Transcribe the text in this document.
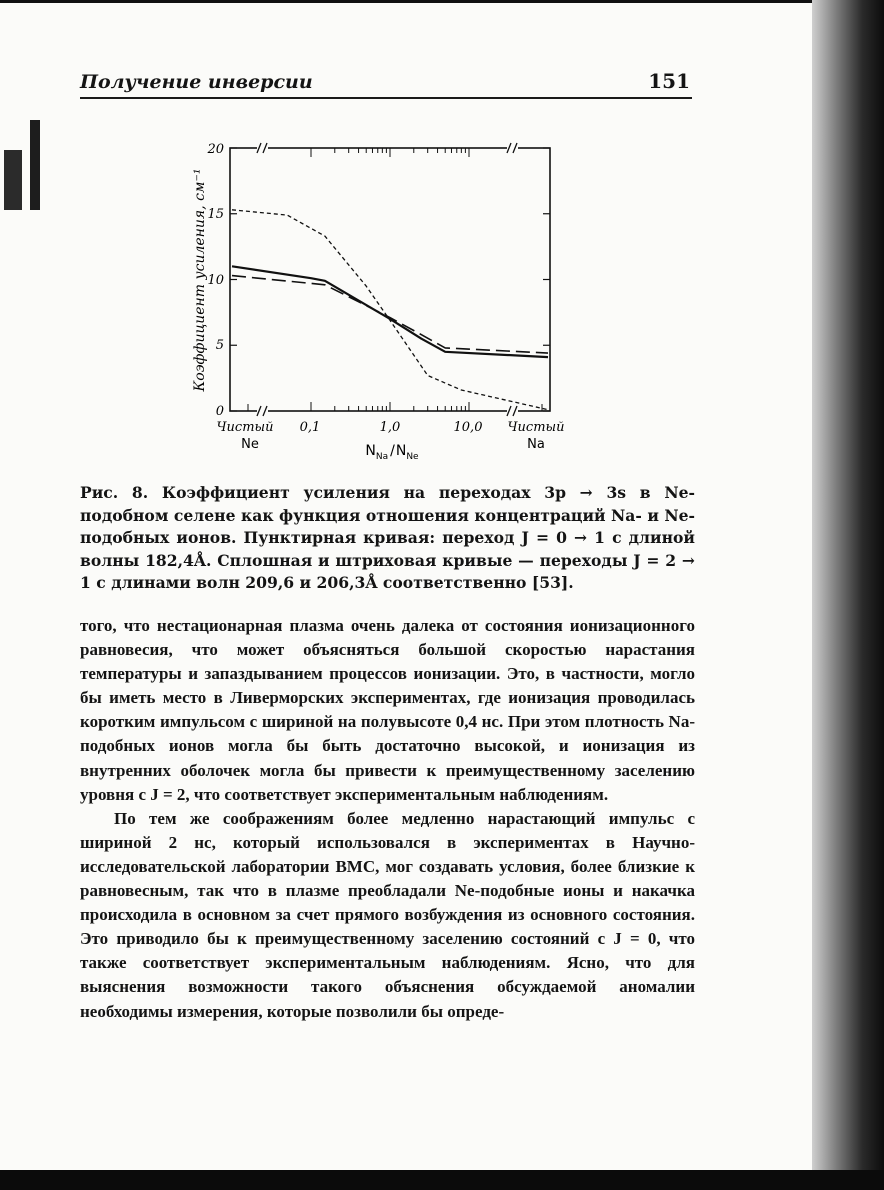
Получение инверсии	151
0
5
10
15
20
Коэффициент усиления, см⁻¹
Чистый
Ne
0,1	1,0	10,0 Чистый
Na
$N_{Na}$ $/N_{Ne}$
Рис. 8. Коэффициент усиления на переходах 3р → 3s в Ne-подобном селене как функция отношения концентраций Na- и Ne-подобных ионов. Пунктирная кривая: переход J = 0 → 1 с длиной волны 182,4Å. Сплошная и штриховая кривые — переходы J = 2 → 1 с длинами волн 209,6 и 206,3Å соответственно [53].

того, что нестационарная плазма очень далека от состояния ионизационного равновесия, что может объясняться большой скоростью нарастания температуры и запаздыванием процессов ионизации. Это, в частности, могло бы иметь место в Ливерморских экспериментах, где ионизация проводилась коротким импульсом с шириной на полувысоте 0,4 нс. При этом плотность Na-подобных ионов могла бы быть достаточно высокой, и ионизация из внутренних оболочек могла бы привести к преимущественному заселению уровня с J = 2, что соответствует экспериментальным наблюдениям.

По тем же соображениям более медленно нарастающий импульс с шириной 2 нс, который использовался в экспериментах в Научно-исследовательской лаборатории ВМС, мог создавать условия, более близкие к равновесным, так что в плазме преобладали Ne-подобные ионы и накачка происходила в основном за счет прямого возбуждения из основного состояния. Это приводило бы к преимущественному заселению состояний с J = 0, что также соответствует экспериментальным наблюдениям. Ясно, что для выяснения возможности такого объяснения обсуждаемой аномалии необходимы измерения, которые позволили бы опреде-
